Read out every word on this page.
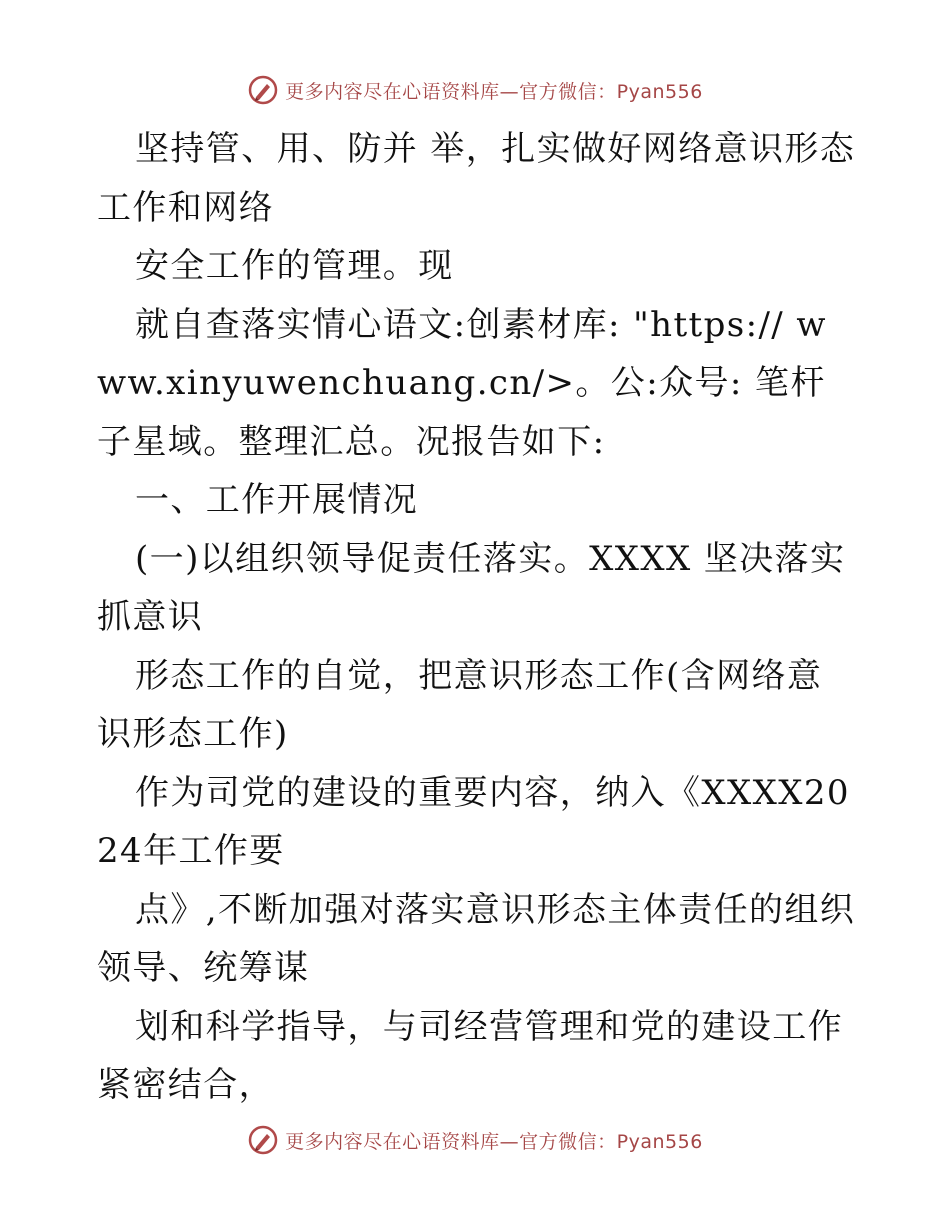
更多内容尽在心语资料库—官方微信：Pyan556

坚持管、用、防并 举，扎实做好网络意识形态工作和网络

安全工作的管理。现

就自查落实情心语文:创素材库: "https:// www.xinyuwenchuang.cn/>。公:众号: 笔杆子星域。整理汇总。况报告如下:

一、工作开展情况

(一)以组织领导促责任落实。XXXX 坚决落实抓意识

形态工作的自觉，把意识形态工作(含网络意识形态工作)

作为司党的建设的重要内容，纳入《XXXX2024年工作要

点》,不断加强对落实意识形态主体责任的组织领导、统筹谋

划和科学指导，与司经营管理和党的建设工作紧密结合，

更多内容尽在心语资料库—官方微信：Pyan556
